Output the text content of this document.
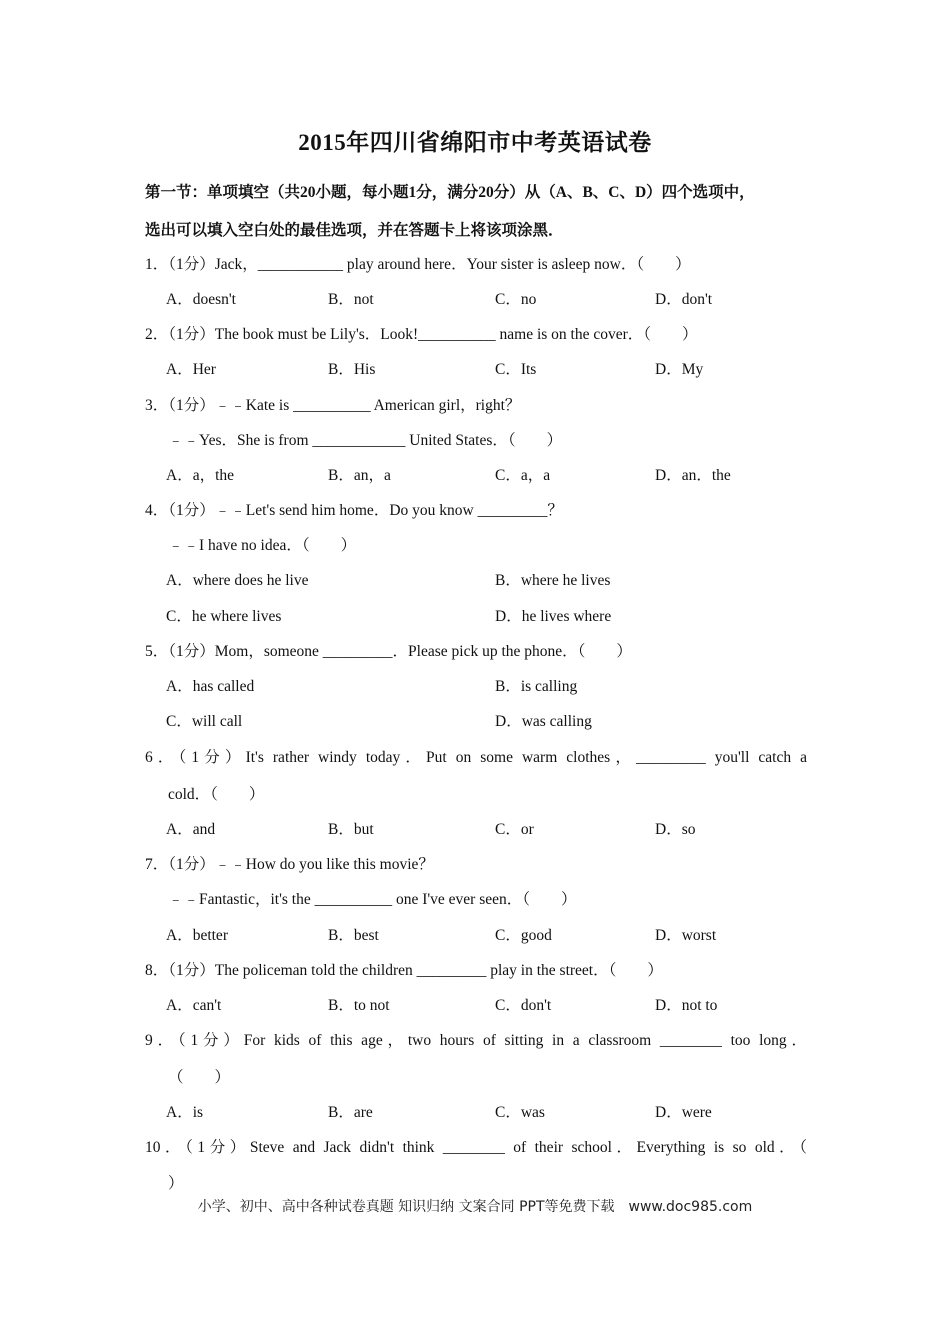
2015年四川省绵阳市中考英语试卷
第一节：单项填空（共20小题，每小题1分，满分20分）从（A、B、C、D）四个选项中，
选出可以填入空白处的最佳选项，并在答题卡上将该项涂黑．
1．（1分）Jack，___________ play around here．Your sister is asleep now．（　　）
A．doesn't	B．not	C．no	D．don't
2．（1分）The book must be Lily's．Look!__________ name is on the cover．（　　）
A．Her	B．His	C．Its	D．My
3．（1分）﹣﹣Kate is __________ American girl，right？
﹣﹣Yes．She is from ____________ United States．（　　）
A．a，the	B．an，a	C．a，a	D．an．the
4．（1分）﹣﹣Let's send him home．Do you know _________？
﹣﹣I have no idea．（　　）
A．where does he live	B．where he lives
C．he where lives	D．he lives where
5．（1分）Mom，someone _________．Please pick up the phone．（　　）
A．has called	B．is calling
C．will call	D．was calling
6．（1分）It's rather windy today．Put on some warm clothes，_________ you'll catch a
cold．（　　）
A．and	B．but	C．or	D．so
7．（1分）﹣﹣How do you like this movie？
﹣﹣Fantastic，it's the __________ one I've ever seen．（　　）
A．better	B．best	C．good	D．worst
8．（1分）The policeman told the children _________ play in the street．（　　）
A．can't	B．to not	C．don't	D．not to
9．（1分）For kids of this age，two hours of sitting in a classroom ________ too long．
（　　）
A．is	B．are	C．was	D．were
10．（1分）Steve and Jack didn't think ________ of their school．Everything is so old．（
）
小学、初中、高中各种试卷真题 知识归纳 文案合同 PPT等免费下载　www.doc985.com
